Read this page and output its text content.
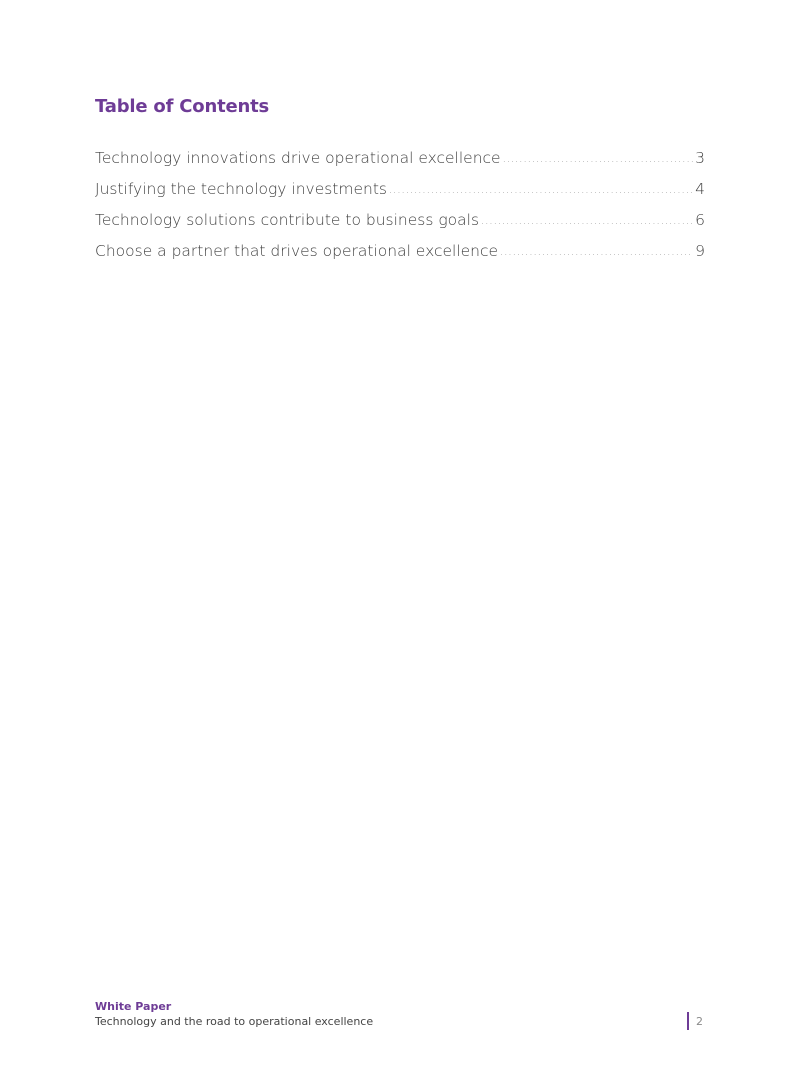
Table of Contents
Technology innovations drive operational excellence .....	3
Justifying the technology investments .....	4
Technology solutions contribute to business goals .....	6
Choose a partner that drives operational excellence .....	9
White Paper
Technology and the road to operational excellence	2
